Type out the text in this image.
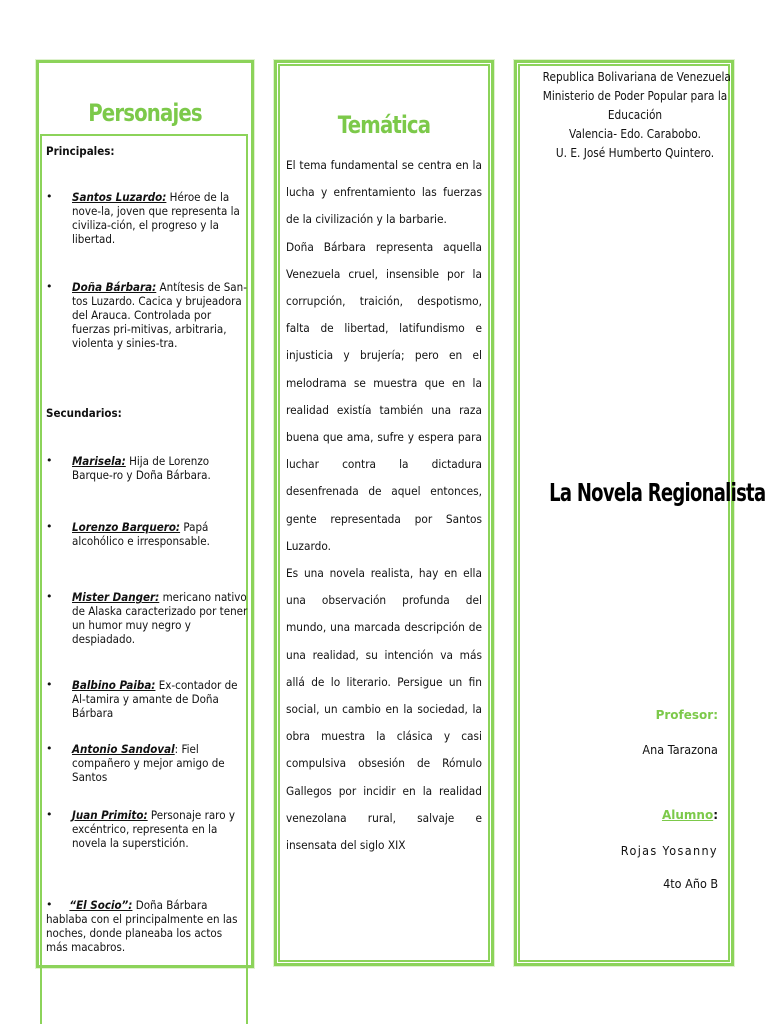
Personajes
Principales:
• Santos Luzardo: Héroe de la nove-la, joven que representa la civiliza-ción, el progreso y la libertad.
• Doña Bárbara: Antítesis de San-tos Luzardo. Cacica y brujeadora del Arauca. Controlada por fuerzas pri-mitivas, arbitraria, violenta y sinies-tra.
Secundarios:
• Marisela: Hija de Lorenzo Barque-ro y Doña Bárbara.
• Lorenzo Barquero: Papá alcohólico e irresponsable.
• Mister Danger: mericano nativo de Alaska caracterizado por tener un humor muy negro y despiadado.
• Balbino Paiba: Ex-contador de Al-tamira y amante de Doña Bárbara
• Antonio Sandoval: Fiel compañero y mejor amigo de Santos
• Juan Primito: Personaje raro y excéntrico, representa en la novela la superstición.
•	“El Socio”: Doña Bárbara hablaba con el principalmente en las noches, donde planeaba los actos más macabros.
Temática

El tema fundamental se centra en la lucha y enfrentamiento las fuerzas de la civilización y la barbarie.

Doña Bárbara representa aquella Venezuela cruel, insensible por la corrupción, traición, despotismo, falta de libertad, latifundismo e injusticia y brujería; pero en el melodrama se muestra que en la realidad existía también una raza buena que ama, sufre y espera para luchar contra la dictadura desenfrenada de aquel entonces, gente representada por Santos Luzardo.

Es una novela realista, hay en ella una observación profunda del mundo, una marcada descripción de una realidad, su intención va más allá de lo literario. Persigue un fin social, un cambio en la sociedad, la obra muestra la clásica y casi compulsiva obsesión de Rómulo Gallegos por incidir en la realidad venezolana rural, salvaje e insensata del siglo XIX

Republica Bolivariana de Venezuela
Ministerio de Poder Popular para la
Educación
Valencia- Edo. Carabobo.
U. E. José Humberto Quintero.
La Novela Regionalista
Profesor:
Ana Tarazona
Alumno:
Rojas Yosanny
4to Año B
